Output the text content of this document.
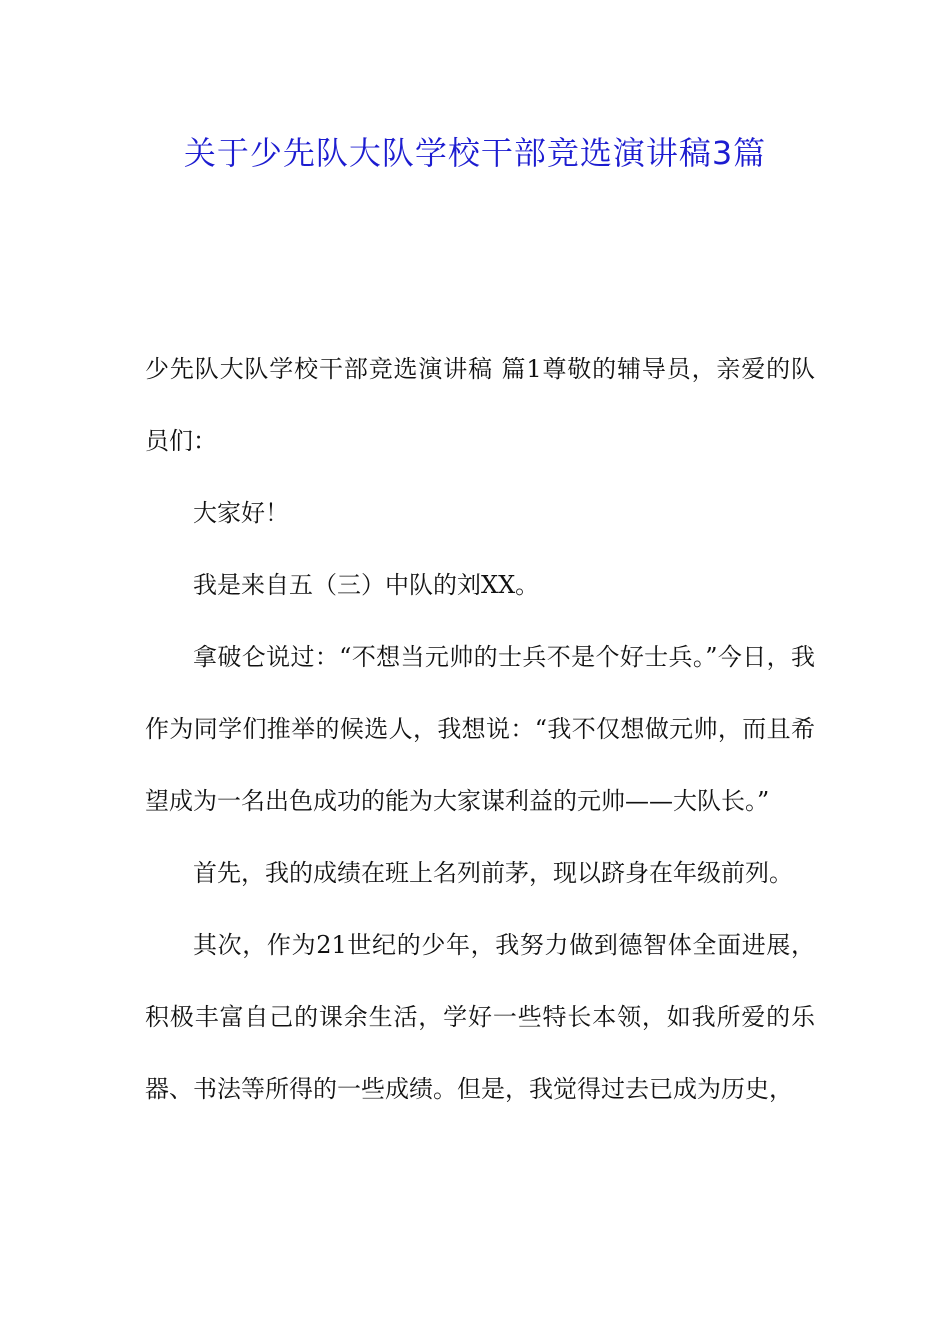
关于少先队大队学校干部竞选演讲稿3篇

少先队大队学校干部竞选演讲稿 篇1尊敬的辅导员，亲爱的队员们：

大家好！

我是来自五（三）中队的刘XX。

拿破仑说过：“不想当元帅的士兵不是个好士兵。”今日，我作为同学们推举的候选人，我想说：“我不仅想做元帅，而且希望成为一名出色成功的能为大家谋利益的元帅——大队长。”

首先，我的成绩在班上名列前茅，现以跻身在年级前列。

其次，作为21世纪的少年，我努力做到德智体全面进展，积极丰富自己的课余生活，学好一些特长本领，如我所爱的乐器、书法等所得的一些成绩。但是，我觉得过去已成为历史，
